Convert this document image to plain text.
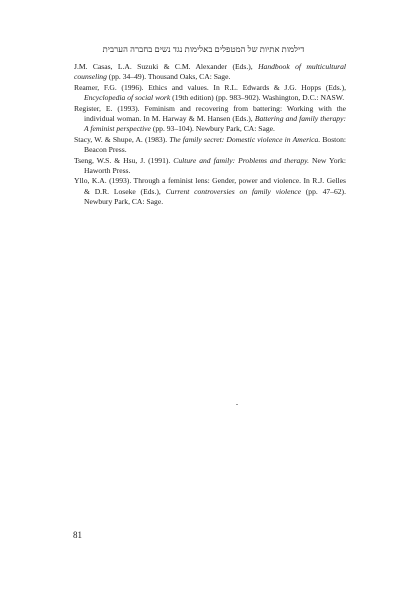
דילמות אתיות של המטפלים באלימות נגד נשים בחברה הערבית

J.M. Casas, L.A. Suzuki & C.M. Alexander (Eds.), Handbook of multicultural counseling (pp. 34–49). Thousand Oaks, CA: Sage.

Reamer, F.G. (1996). Ethics and values. In R.L. Edwards & J.G. Hopps (Eds.), Encyclopedia of social work (19th edition) (pp. 983–902). Washington, D.C.: NASW.

Register, E. (1993). Feminism and recovering from battering: Working with the individual woman. In M. Harway & M. Hansen (Eds.), Battering and family therapy: A feminist perspective (pp. 93–104). Newbury Park, CA: Sage.

Stacy, W. & Shupe, A. (1983). The family secret: Domestic violence in America. Boston: Beacon Press.

Tseng, W.S. & Hsu, J. (1991). Culture and family: Problems and therapy. New York: Haworth Press.

Yllo, K.A. (1993). Through a feminist lens: Gender, power and violence. In R.J. Gelles & D.R. Loseke (Eds.), Current controversies on family violence (pp. 47–62). Newbury Park, CA: Sage.

81
